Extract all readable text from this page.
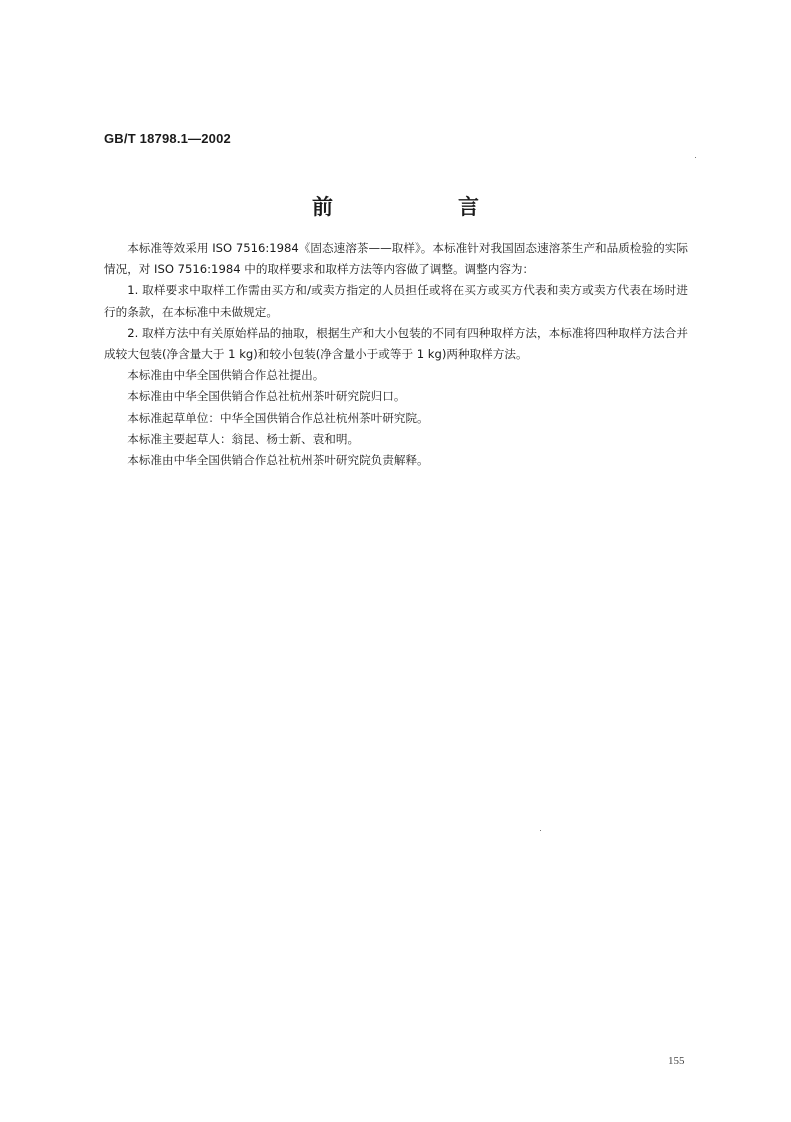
GB/T 18798.1—2002
前　言

本标准等效采用 ISO 7516:1984《固态速溶茶——取样》。本标准针对我国固态速溶茶生产和品质检验的实际情况，对 ISO 7516:1984 中的取样要求和取样方法等内容做了调整。调整内容为：

1. 取样要求中取样工作需由买方和/或卖方指定的人员担任或将在买方或买方代表和卖方或卖方代表在场时进行的条款，在本标准中未做规定。

2. 取样方法中有关原始样品的抽取，根据生产和大小包装的不同有四种取样方法，本标准将四种取样方法合并成较大包装(净含量大于 1 kg)和较小包装(净含量小于或等于 1 kg)两种取样方法。

本标准由中华全国供销合作总社提出。

本标准由中华全国供销合作总社杭州茶叶研究院归口。

本标准起草单位：中华全国供销合作总社杭州茶叶研究院。

本标准主要起草人：翁昆、杨士新、袁和明。

本标准由中华全国供销合作总社杭州茶叶研究院负责解释。

155
